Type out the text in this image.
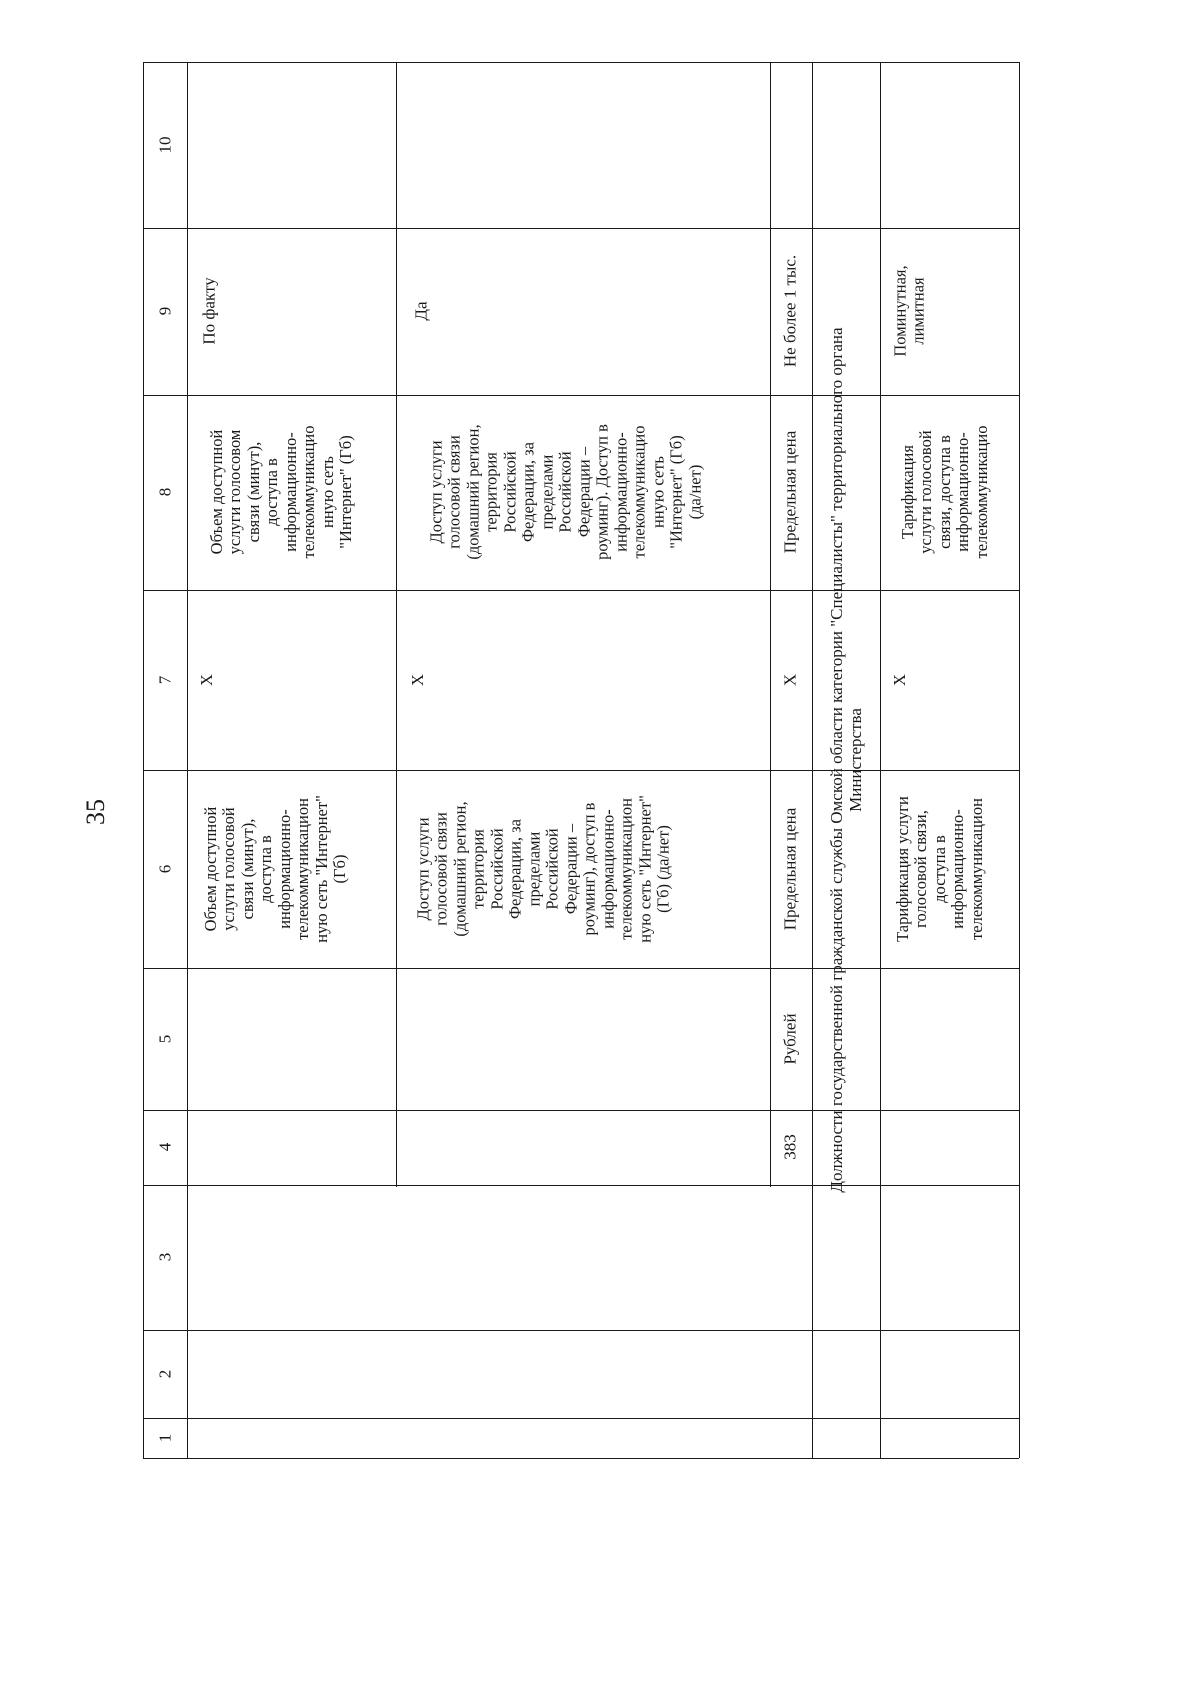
35
1
2
3
4
5
6
7
8
9
10
Объем доступной услуги голосовой связи (минут), доступа в информационно- телекоммуникацион ную сеть "Интернет" (Гб)
Х
Объем доступной услуги голосовом связи (минут), доступа в информационно- телекоммуникацио нную сеть "Интернет" (Гб)
По факту
Доступ услуги голосовой связи (домашний регион, территория Российской Федерации, за пределами Российской Федерации – роуминг), доступ в информационно- телекоммуникацион ную сеть "Интернет" (Гб) (да/нет)
Х
Доступ услуги голосовой связи (домашний регион, территория Российской Федерации, за пределами Российской Федерации – роуминг). Доступ в информационно- телекоммуникацио нную сеть "Интернет" (Гб) (да/нет)
Да
383
Рублей
Предельная цена
Х
Предельная цена
Не более 1 тыс.
Должности государственной гражданской службы Омской области категории "Специалисты" территориального органа Министерства
Тарификация услуги голосовой связи, доступа в информационно- телекоммуникацион
Х
Тарификация услуги голосовой связи, доступа в информационно- телекоммуникацио
Поминутная, лимитная
